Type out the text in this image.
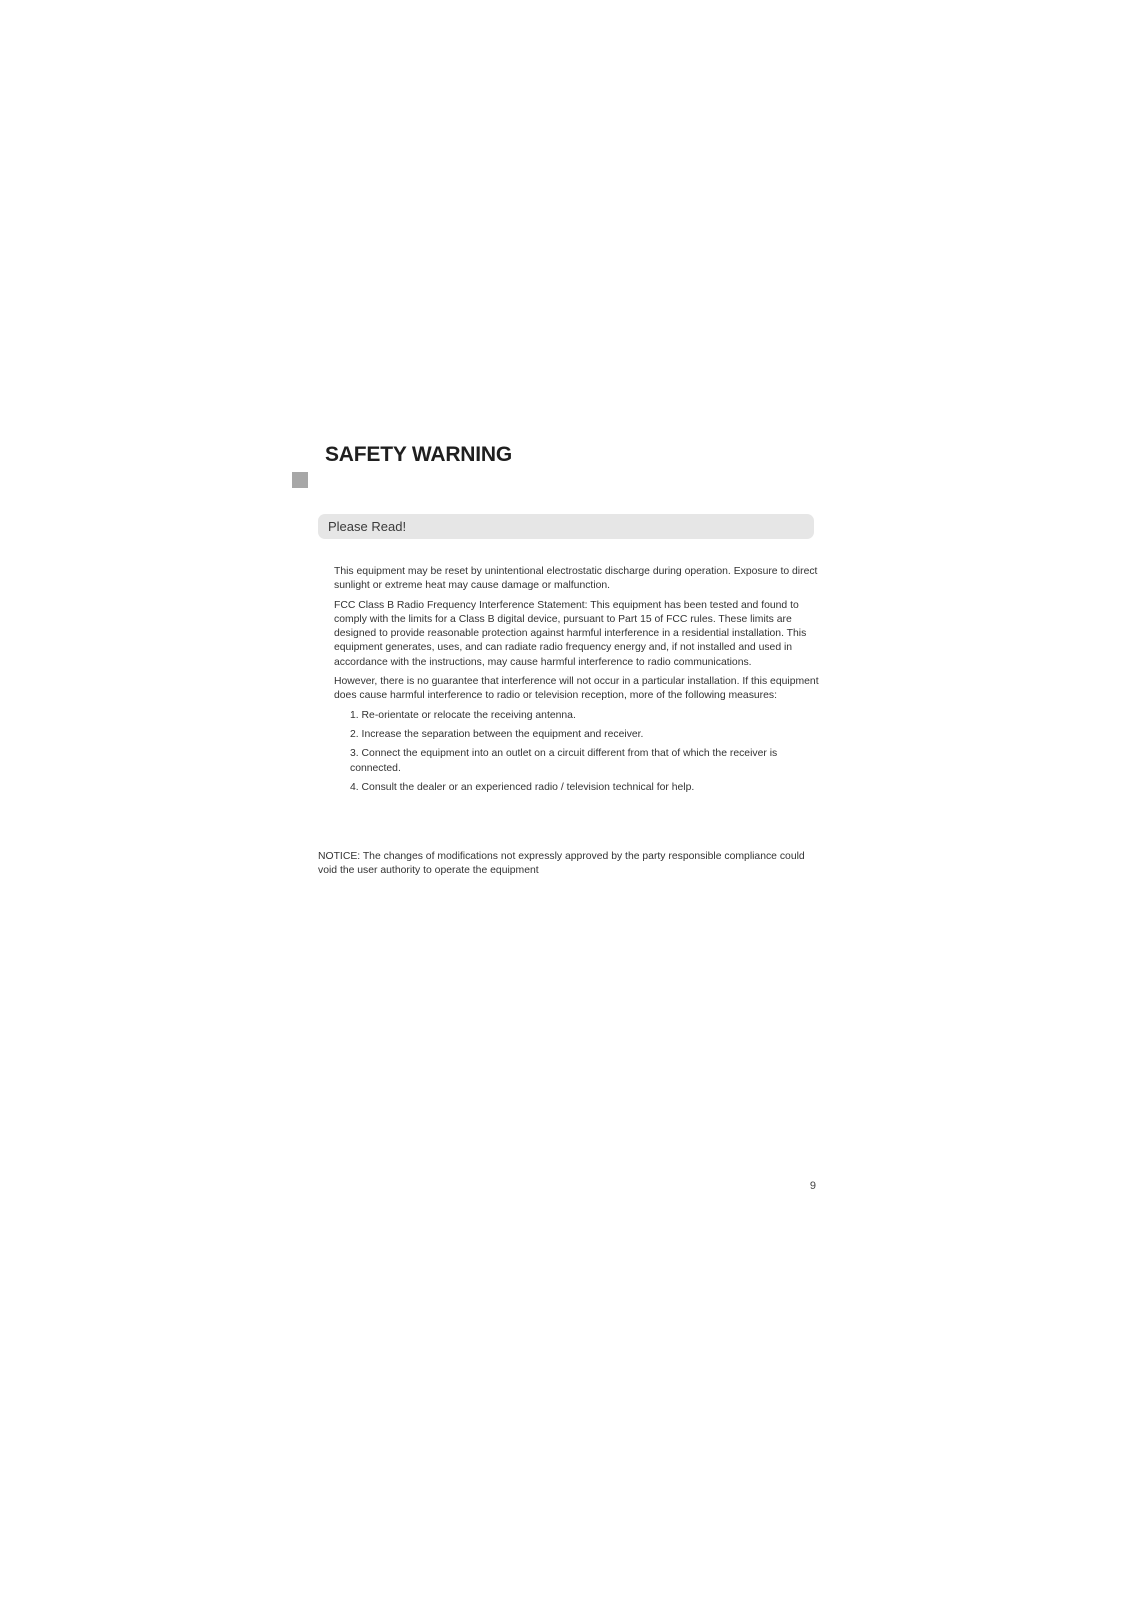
SAFETY WARNING
Please Read!

This equipment may be reset by unintentional electrostatic discharge during operation. Exposure to direct sunlight or extreme heat may cause damage or malfunction.

FCC Class B Radio Frequency Interference Statement: This equipment has been tested and found to comply with the limits for a Class B digital device, pursuant to Part 15 of FCC rules. These limits are designed to provide reasonable protection against harmful interference in a residential installation. This equipment generates, uses, and can radiate radio frequency energy and, if not installed and used in accordance with the instructions, may cause harmful interference to radio communications.

However, there is no guarantee that interference will not occur in a particular installation. If this equipment does cause harmful interference to radio or television reception, more of the following measures:

1. Re-orientate or relocate the receiving antenna.
2. Increase the separation between the equipment and receiver.
3. Connect the equipment into an outlet on a circuit different from that of which the receiver is connected.
4. Consult the dealer or an experienced radio / television technical for help.
NOTICE: The changes of modifications not expressly approved by the party responsible compliance could void the user authority to operate the equipment
9
